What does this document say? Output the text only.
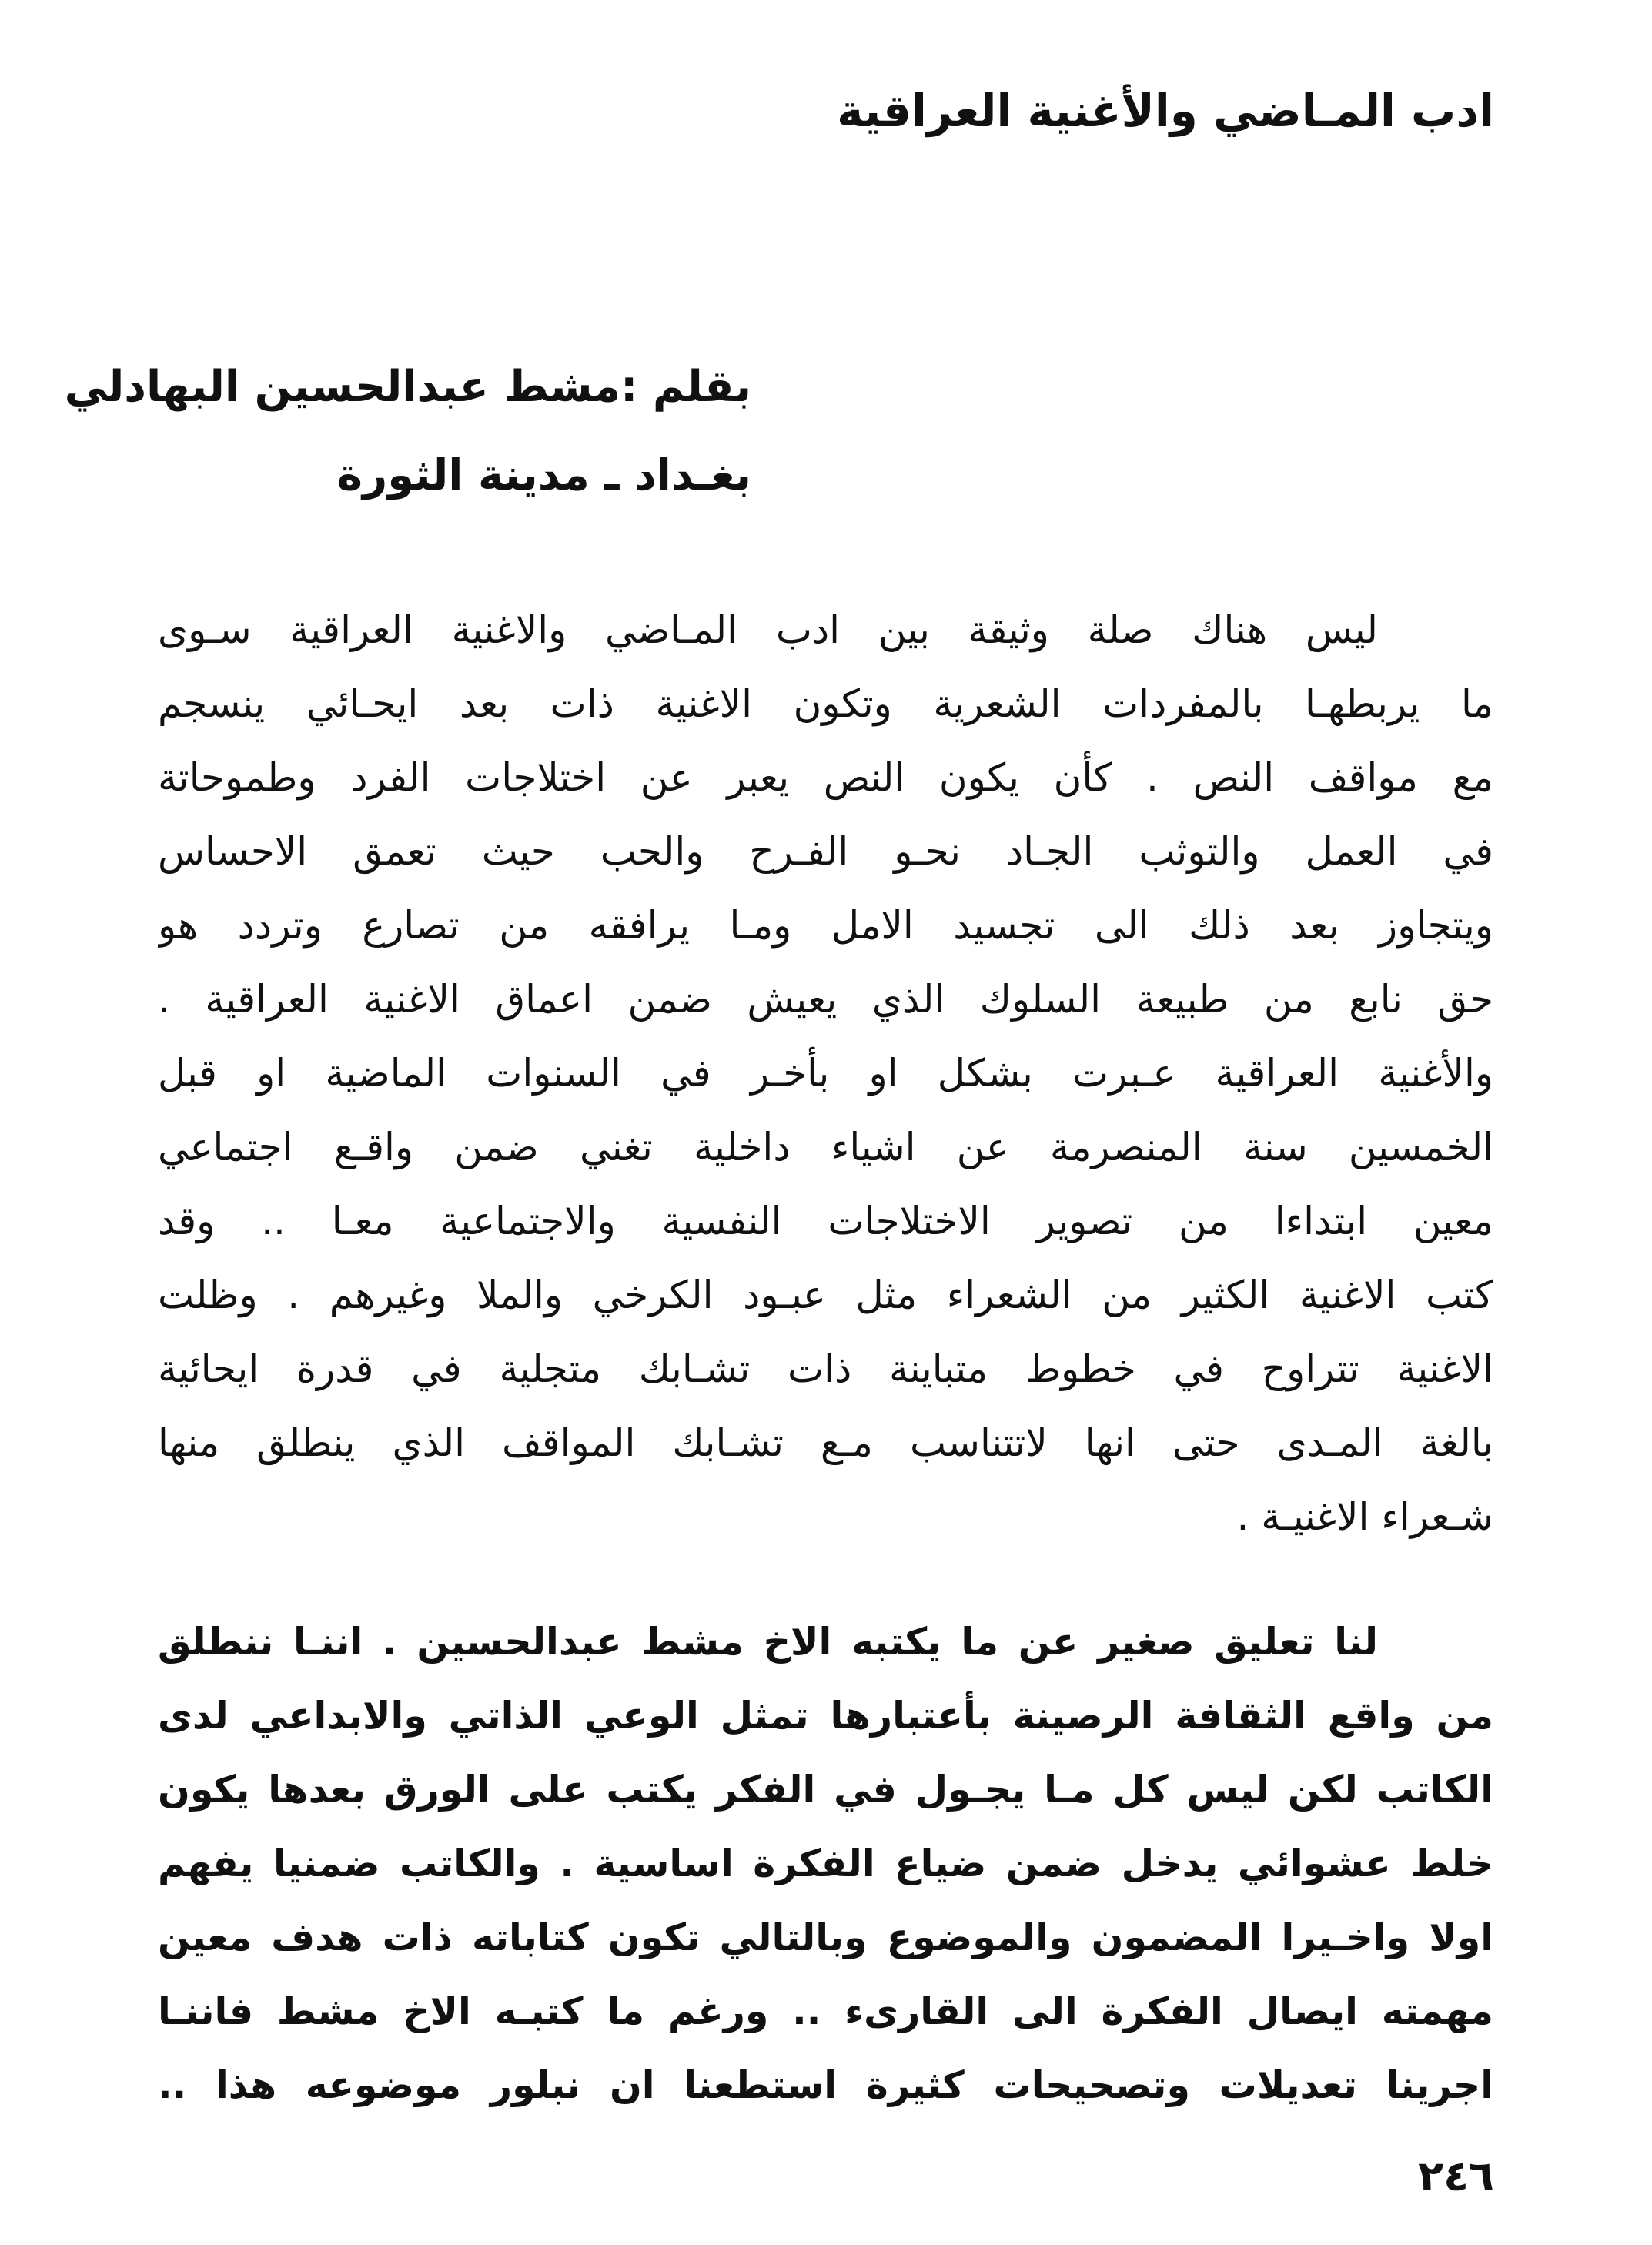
ادب المـاضي والأغنية العراقية
بقلم :مشط عبدالحسين البهادلي
بغـداد ـ مدينة الثورة
ليس هناك صلة وثيقة بين ادب المـاضي والاغنية العراقية سـوى
ما يربطهـا بالمفردات الشعرية وتكون الاغنية ذات بعد ايحـائي ينسجم
مع مواقف النص . كأن يكون النص يعبر عن اختلاجات الفرد وطموحاتة
في العمل والتوثب الجـاد نحـو الفـرح والحب حيث تعمق الاحساس
ويتجاوز بعد ذلك الى تجسيد الامل ومـا يرافقه من تصارع وتردد هو
حق نابع من طبيعة السلوك الذي يعيش ضمن اعماق الاغنية العراقية .
والأغنية العراقية عـبرت بشكل او بأخـر في السنوات الماضية او قبل
الخمسين سنة المنصرمة عن اشياء داخلية تغني ضمن واقـع اجتماعي
معين ابتداءا من تصوير الاختلاجات النفسية والاجتماعية معـا .. وقد
كتب الاغنية الكثير من الشعراء مثل عبـود الكرخي والملا وغيرهم . وظلت
الاغنية تتراوح في خطوط متباينة ذات تشـابك متجلية في قدرة ايحائية
بالغة المـدى حتى انها لاتتناسب مـع تشـابك المواقف الذي ينطلق منها
شـعراء الاغنيـة .
لنا تعليق صغير عن ما يكتبه الاخ مشط عبدالحسين . اننـا ننطلق
من واقع الثقافة الرصينة بأعتبارها تمثل الوعي الذاتي والابداعي لدى
الكاتب لكن ليس كل مـا يجـول في الفكر يكتب على الورق بعدها يكون
خلط عشوائي يدخل ضمن ضياع الفكرة اساسية . والكاتب ضمنيا يفهم
اولا واخـيرا المضمون والموضوع وبالتالي تكون كتاباته ذات هدف معين
مهمته ايصال الفكرة الى القارىء .. ورغم ما كتبـه الاخ مشط فاننـا
اجرينا تعديلات وتصحيحات كثيرة استطعنا ان نبلور موضوعه هذا ..
٢٤٦
